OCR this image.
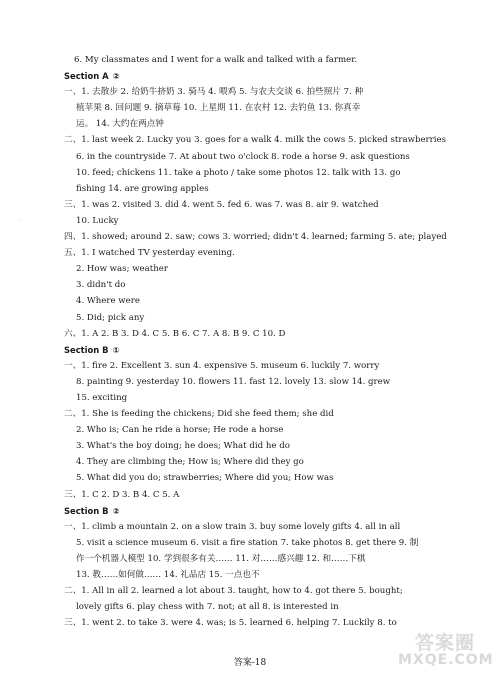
·
6. My classmates and I went for a walk and talked with a farmer.
Section A ②
一、1. 去散步 2. 给奶牛挤奶 3. 骑马 4. 喂鸡 5. 与农夫交谈 6. 拍些照片 7. 种
植苹果 8. 回问题 9. 摘草莓 10. 上星期 11. 在农村 12. 去钓鱼 13. 你真幸
运。 14. 大约在两点钟
二、1. last week 2. Lucky you 3. goes for a walk 4. milk the cows 5. picked strawberries
6. in the countryside 7. At about two o'clock 8. rode a horse 9. ask questions
10. feed; chickens 11. take a photo / take some photos 12. talk with 13. go
fishing 14. are growing apples
三、1. was 2. visited 3. did 4. went 5. fed 6. was 7. was 8. air 9. watched
10. Lucky
四、1. showed; around 2. saw; cows 3. worried; didn't 4. learned; farming 5. ate; played
五、1. I watched TV yesterday evening.
2. How was; weather
3. didn't do
4. Where were
5. Did; pick any
六、1. A 2. B 3. D 4. C 5. B 6. C 7. A 8. B 9. C 10. D
Section B ①
一、1. fire 2. Excellent 3. sun 4. expensive 5. museum 6. luckily 7. worry
8. painting 9. yesterday 10. flowers 11. fast 12. lovely 13. slow 14. grew
15. exciting
二、1. She is feeding the chickens; Did she feed them; she did
2. Who is; Can he ride a horse; He rode a horse
3. What's the boy doing; he does; What did he do
4. They are climbing the; How is; Where did they go
5. What did you do; strawberries; Where did you; How was
三、1. C 2. D 3. B 4. C 5. A
Section B ②
一、1. climb a mountain 2. on a slow train 3. buy some lovely gifts 4. all in all
5. visit a science museum 6. visit a fire station 7. take photos 8. get there 9. 制
作一个机器人模型 10. 学到很多有关…… 11. 对……感兴趣 12. 和……下棋
13. 教……如何做…… 14. 礼品店 15. 一点也不
二、1. All in all 2. learned a lot about 3. taught, how to 4. got there 5. bought;
lovely gifts 6. play chess with 7. not; at all 8. is interested in
三、1. went 2. to take 3. were 4. was; is 5. learned 6. helping 7. Luckily 8. to
答案-18
答案圈
MXQE.COM
